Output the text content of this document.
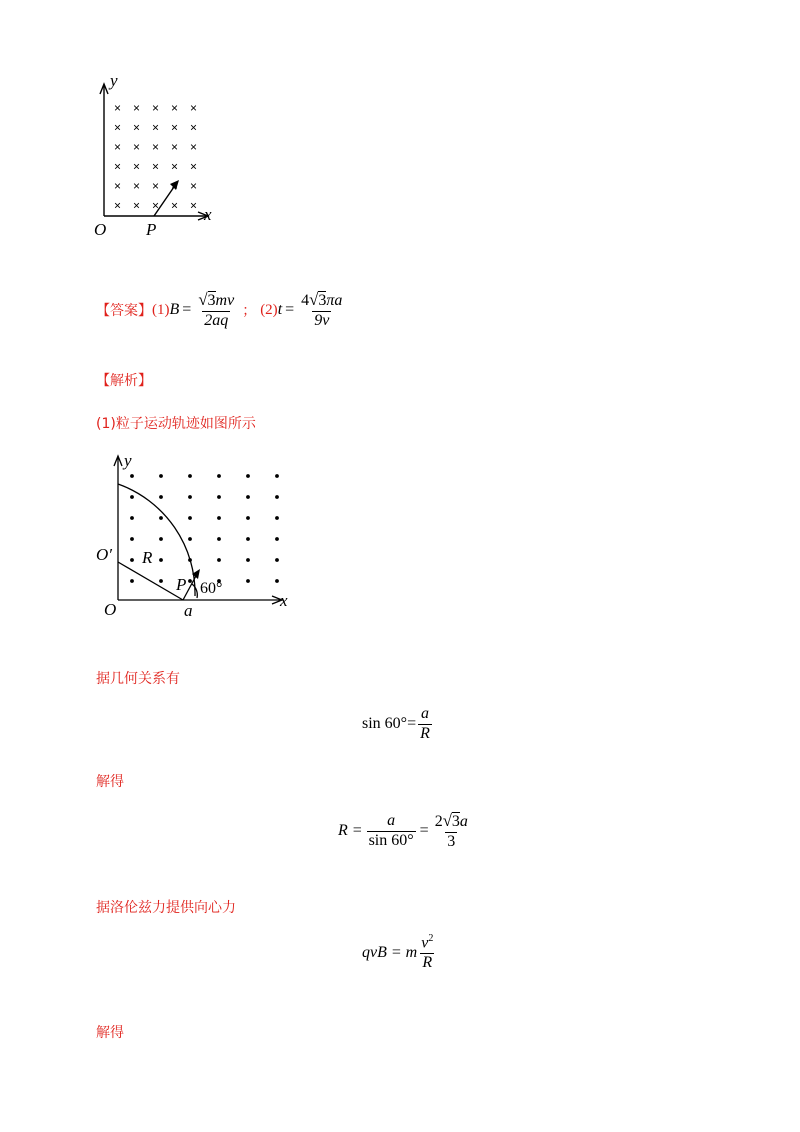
× × × × ×
× × × × ×
× × × × ×
× × × × ×
× × × × ×
× × × × ×
y
x
O P
【答案】 (1) $B = \frac{√ 3 mv}{2aq}$ ； (2) $t = \frac{4 √ 3 \pi a}{9v}$
【解析】
(1)粒子运动轨迹如图所示
y
x
O
O′ R
P 60°
a
据几何关系有
$\sin 60^\circ= \frac{a}{R}$
解得
$R = \frac{a}{\sin 60^\circ} = \frac{2 √ 3 a}{3}$
据洛伦兹力提供向心力
qvB = m $\frac{v^2}{R}$
解得
